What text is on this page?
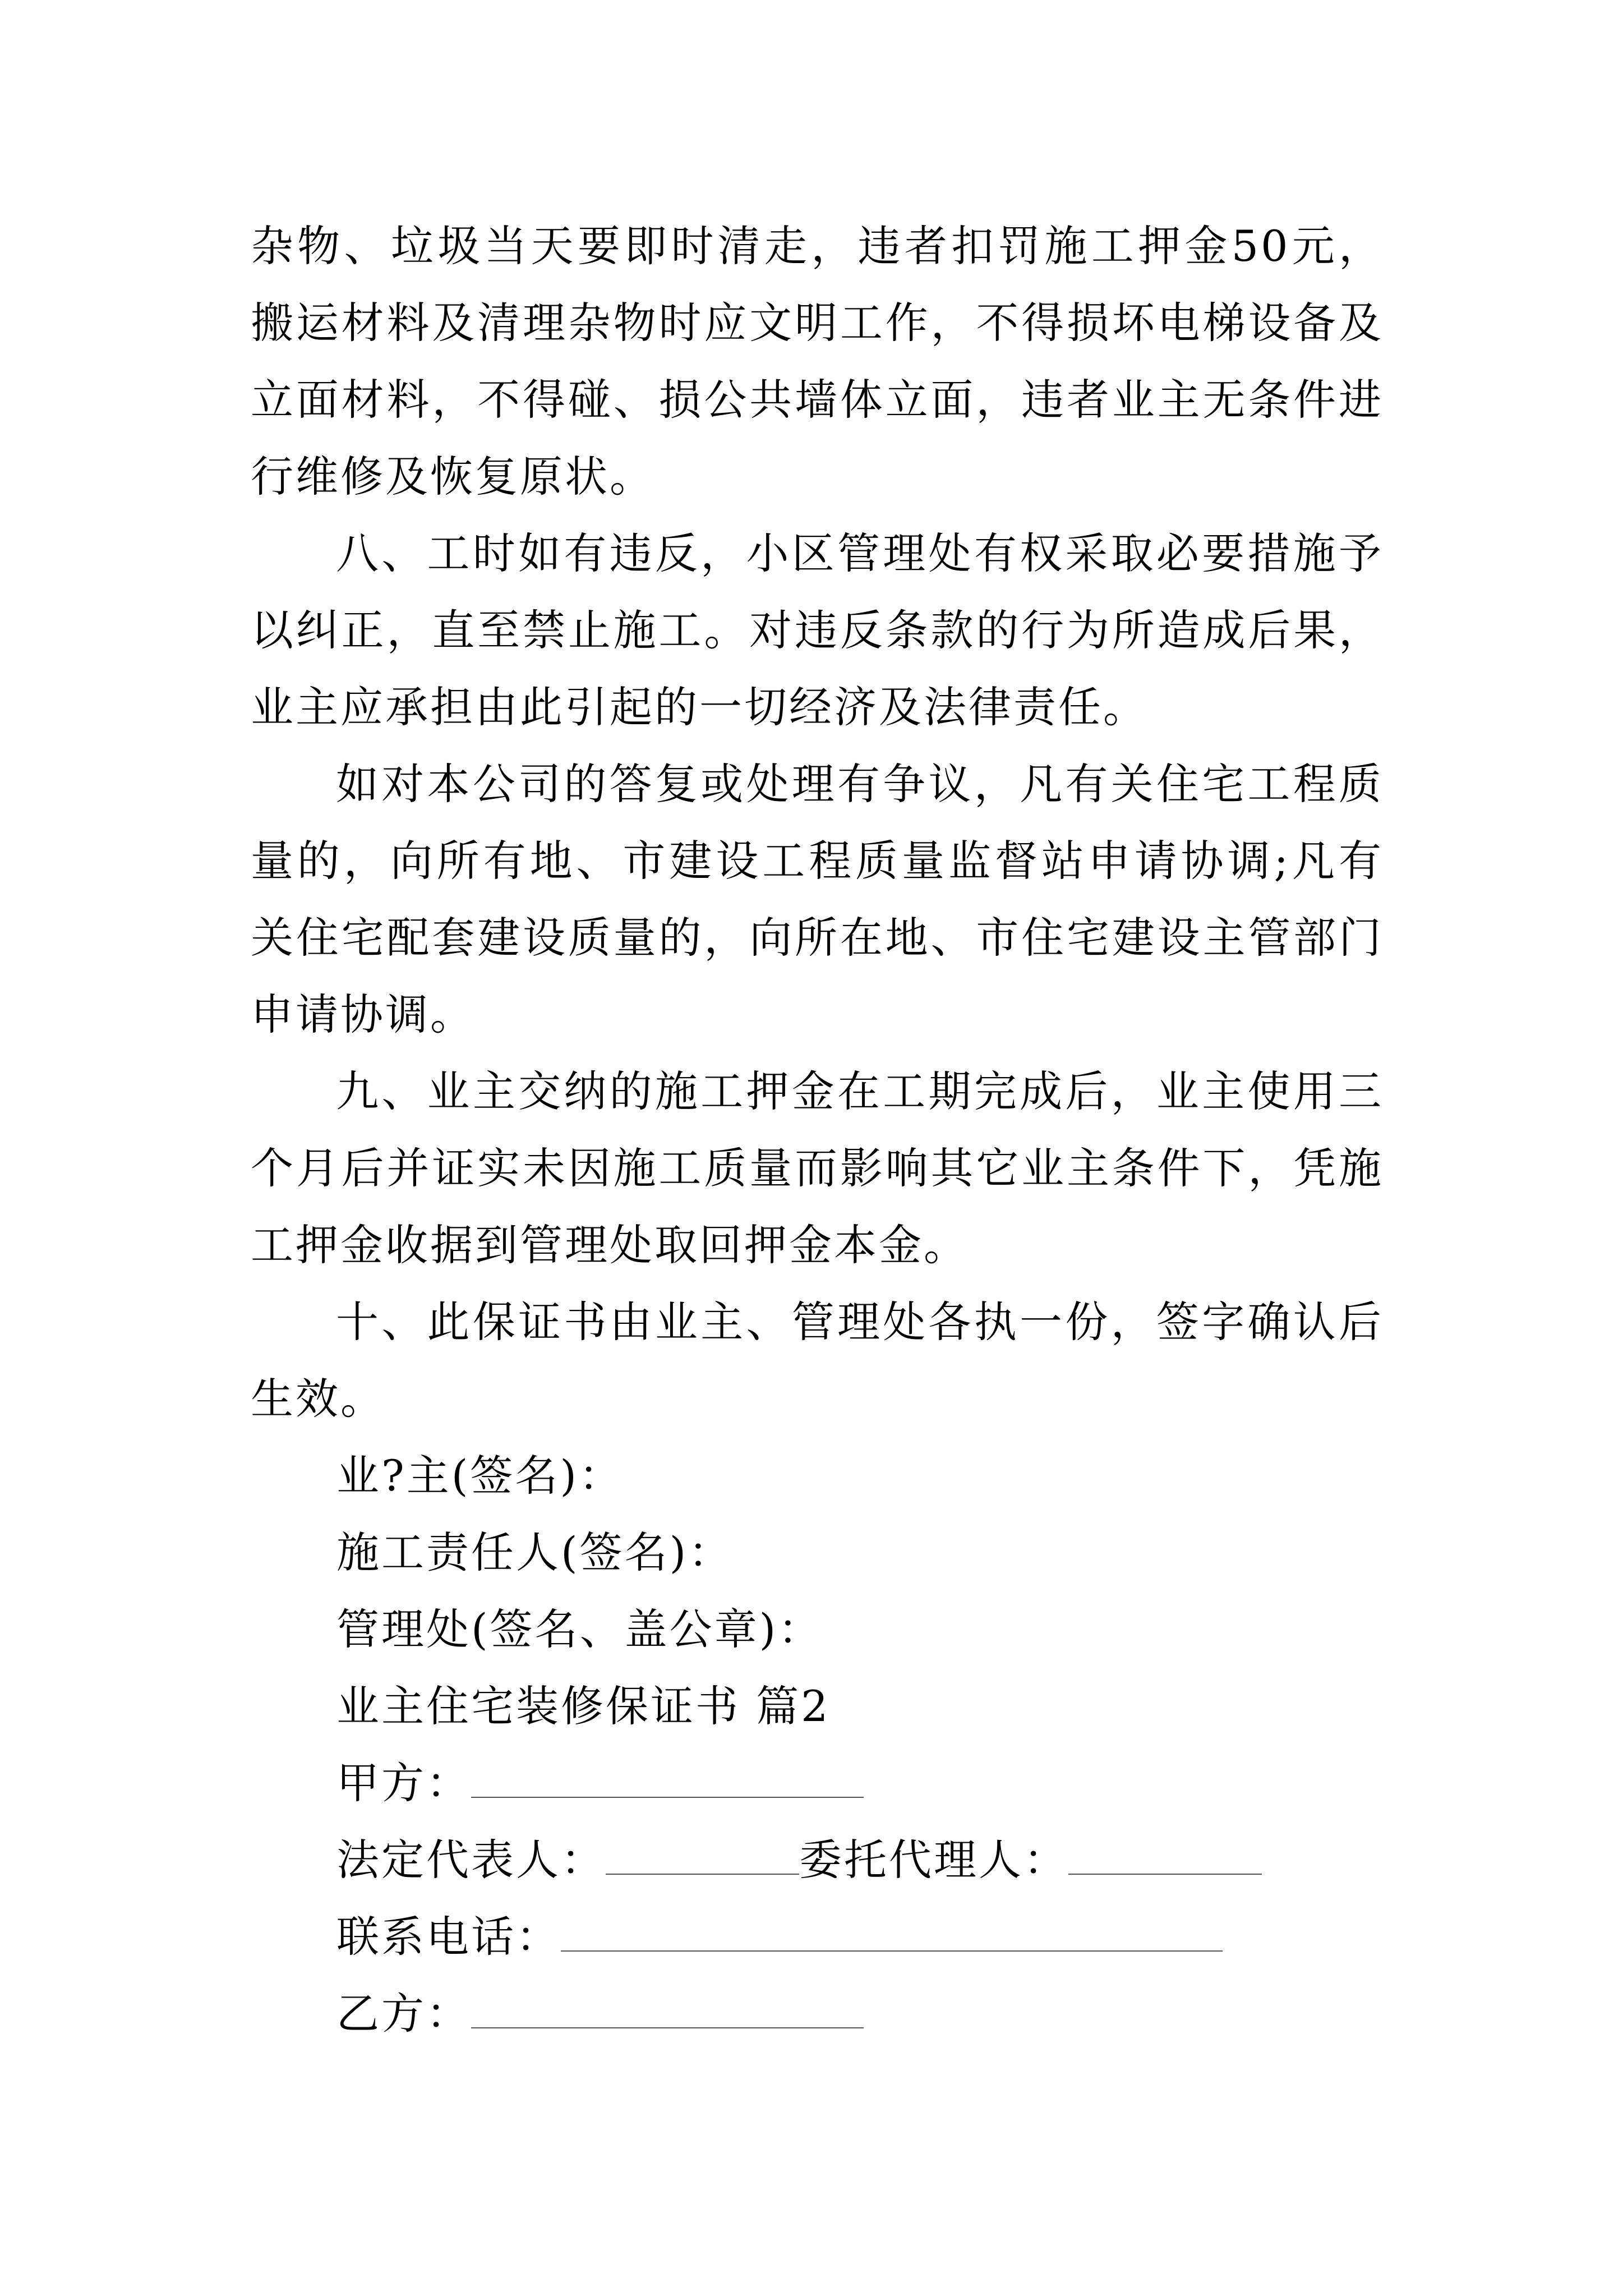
杂物、垃圾当天要即时清走，违者扣罚施工押金50元，搬运材料及清理杂物时应文明工作，不得损坏电梯设备及立面材料，不得碰、损公共墙体立面，违者业主无条件进行维修及恢复原状。

八、工时如有违反，小区管理处有权采取必要措施予以纠正，直至禁止施工。对违反条款的行为所造成后果，业主应承担由此引起的一切经济及法律责任。

如对本公司的答复或处理有争议，凡有关住宅工程质量的，向所有地、市建设工程质量监督站申请协调;凡有关住宅配套建设质量的，向所在地、市住宅建设主管部门申请协调。

九、业主交纳的施工押金在工期完成后，业主使用三个月后并证实未因施工质量而影响其它业主条件下，凭施工押金收据到管理处取回押金本金。

十、此保证书由业主、管理处各执一份，签字确认后生效。

业?主(签名)：

施工责任人(签名)：

管理处(签名、盖公章)：

业主住宅装修保证书 篇2

甲方：

法定代表人：	委托代理人：

联系电话：

乙方：
